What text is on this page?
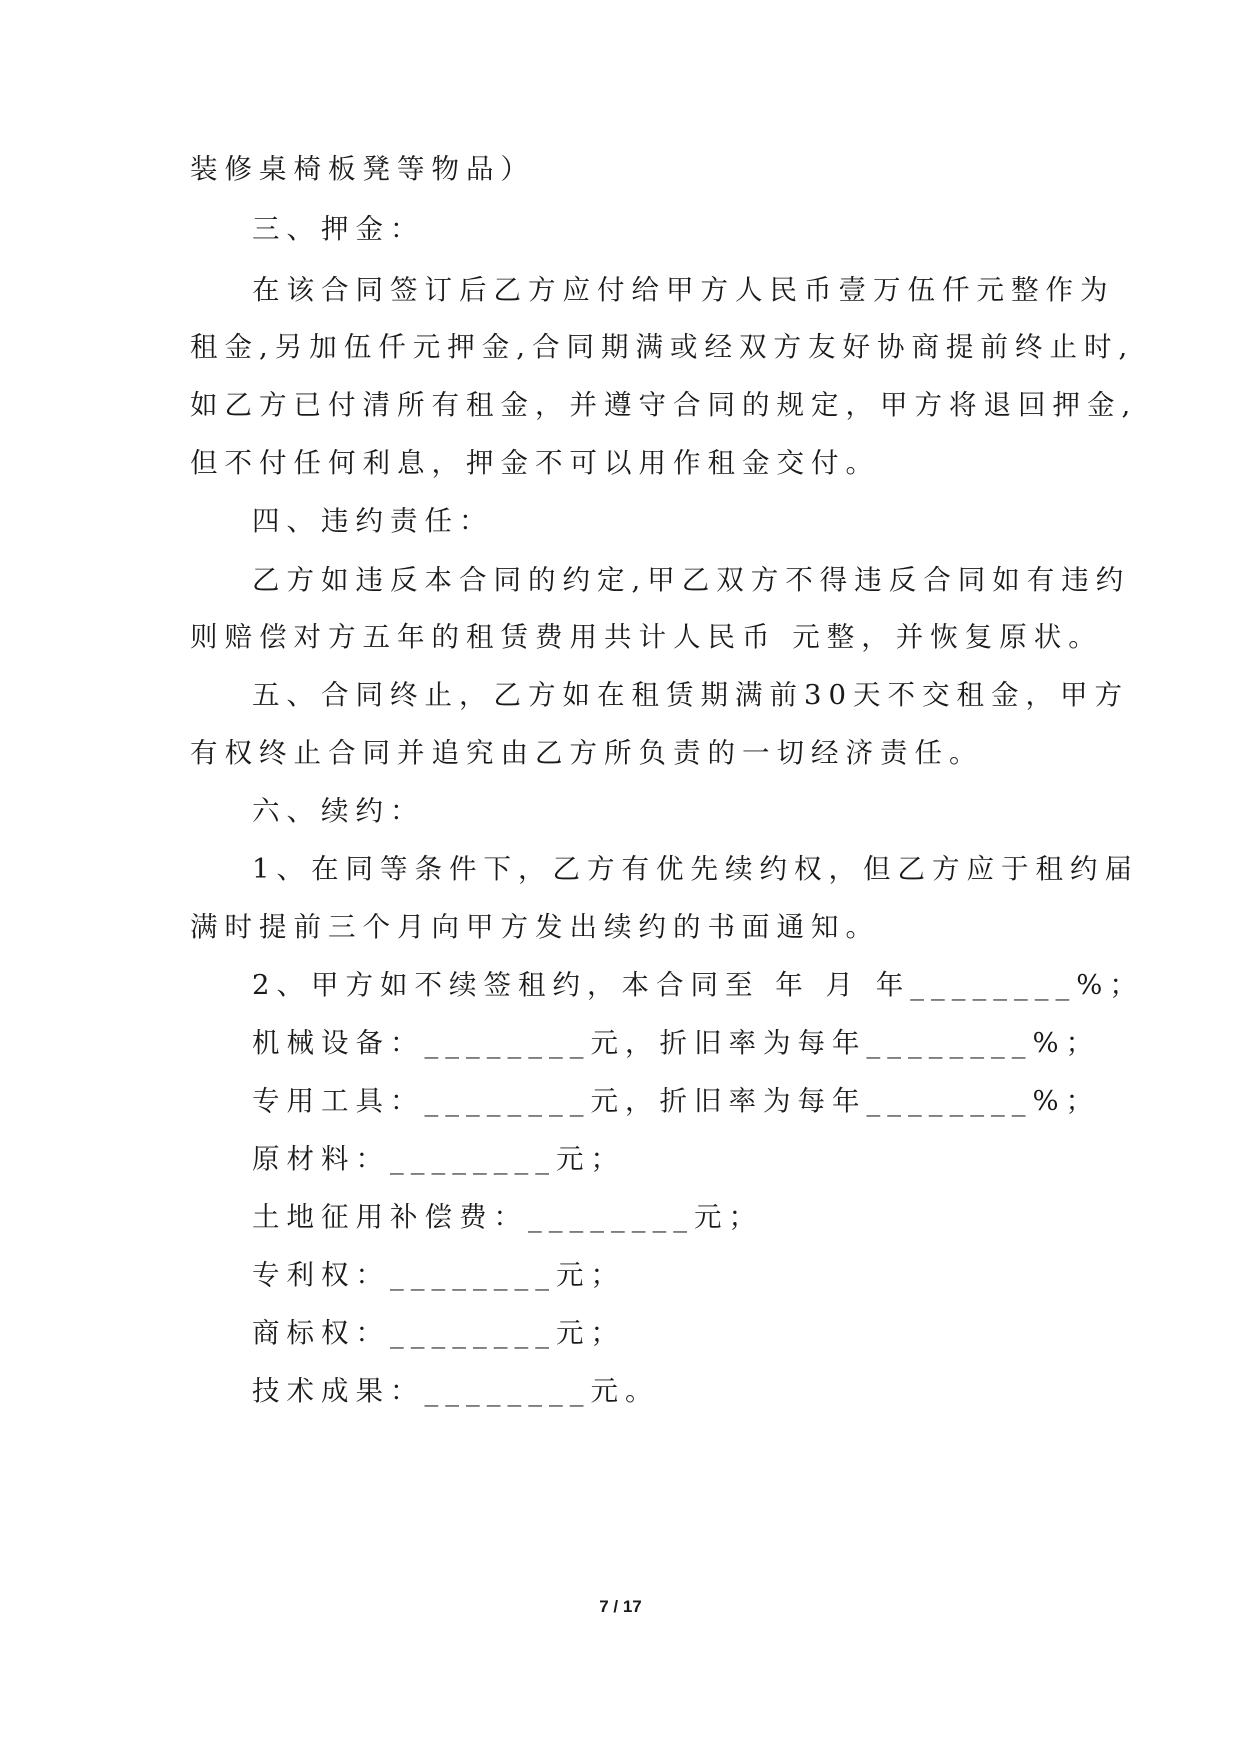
装修桌椅板凳等物品）
三、押金：
在该合同签订后乙方应付给甲方人民币壹万伍仟元整作为
租金,另加伍仟元押金,合同期满或经双方友好协商提前终止时,
如乙方已付清所有租金，并遵守合同的规定，甲方将退回押金,
但不付任何利息，押金不可以用作租金交付。
四、违约责任：
乙方如违反本合同的约定,甲乙双方不得违反合同如有违约
则赔偿对方五年的租赁费用共计人民币 元整，并恢复原状。
五、合同终止，乙方如在租赁期满前30天不交租金，甲方
有权终止合同并追究由乙方所负责的一切经济责任。
六、续约：
1、在同等条件下，乙方有优先续约权，但乙方应于租约届
满时提前三个月向甲方发出续约的书面通知。
2、甲方如不续签租约，本合同至 年 月 年________%；
机械设备：________元，折旧率为每年________%；
专用工具：________元，折旧率为每年________%；
原材料：________元；
土地征用补偿费：________元；
专利权：________元；
商标权：________元；
技术成果：________元。
7 / 17
